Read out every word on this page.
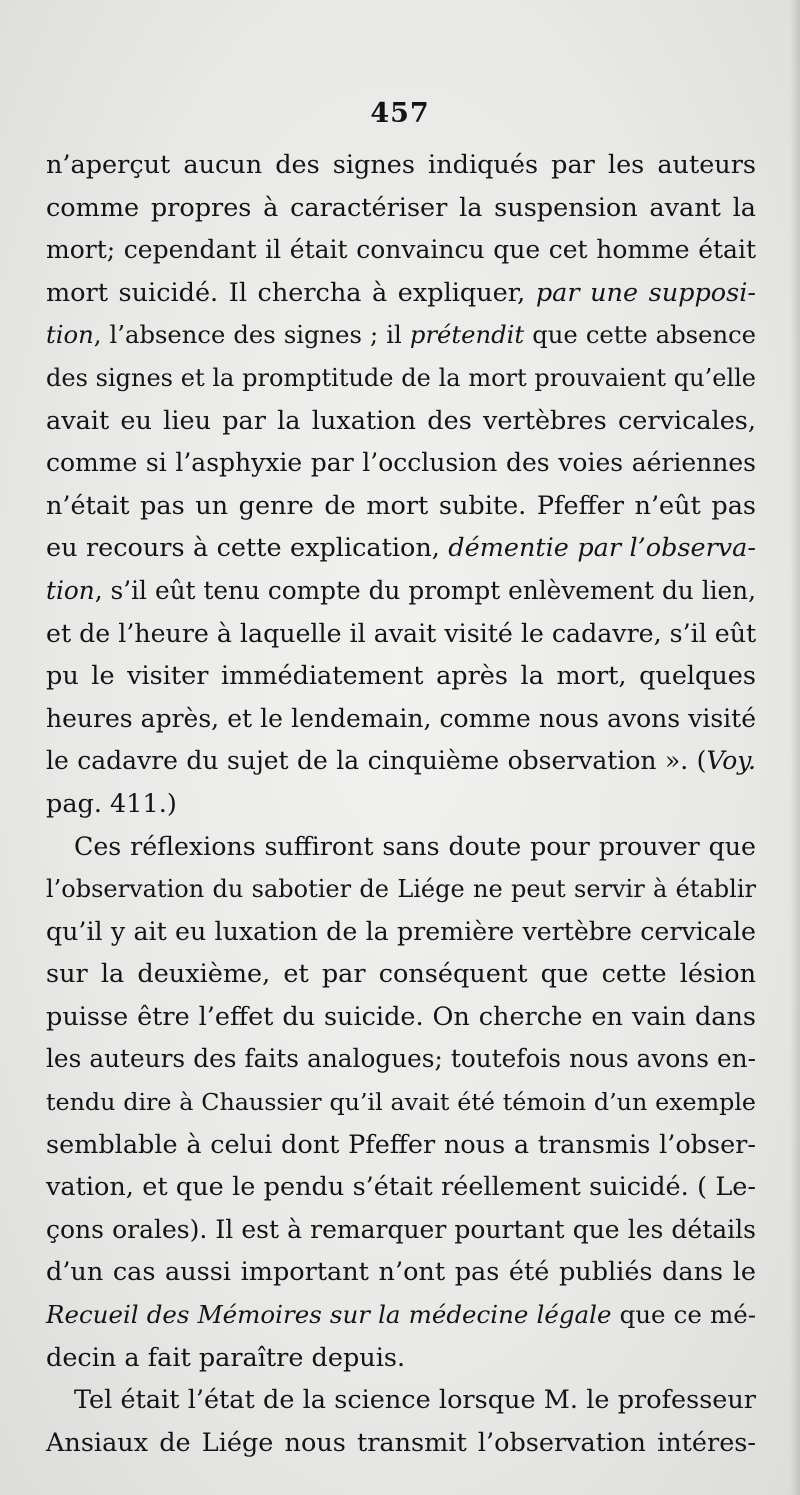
457
n’aperçut aucun des signes indiqués par les auteurs
comme propres à caractériser la suspension avant la
mort; cependant il était convaincu que cet homme était
mort suicidé. Il chercha à expliquer, par une supposi-
tion, l’absence des signes ; il prétendit que cette absence
des signes et la promptitude de la mort prouvaient qu’elle
avait eu lieu par la luxation des vertèbres cervicales,
comme si l’asphyxie par l’occlusion des voies aériennes
n’était pas un genre de mort subite. Pfeffer n’eût pas
eu recours à cette explication, démentie par l’observa-
tion, s’il eût tenu compte du prompt enlèvement du lien,
et de l’heure à laquelle il avait visité le cadavre, s’il eût
pu le visiter immédiatement après la mort, quelques
heures après, et le lendemain, comme nous avons visité
le cadavre du sujet de la cinquième observation ». (Voy.
pag. 411.)
Ces réflexions suffiront sans doute pour prouver que
l’observation du sabotier de Liége ne peut servir à établir
qu’il y ait eu luxation de la première vertèbre cervicale
sur la deuxième, et par conséquent que cette lésion
puisse être l’effet du suicide. On cherche en vain dans
les auteurs des faits analogues; toutefois nous avons en-
tendu dire à Chaussier qu’il avait été témoin d’un exemple
semblable à celui dont Pfeffer nous a transmis l’obser-
vation, et que le pendu s’était réellement suicidé. ( Le-
çons orales). Il est à remarquer pourtant que les détails
d’un cas aussi important n’ont pas été publiés dans le
Recueil des Mémoires sur la médecine légale que ce mé-
decin a fait paraître depuis.
Tel était l’état de la science lorsque M. le professeur
Ansiaux de Liége nous transmit l’observation intéres-
